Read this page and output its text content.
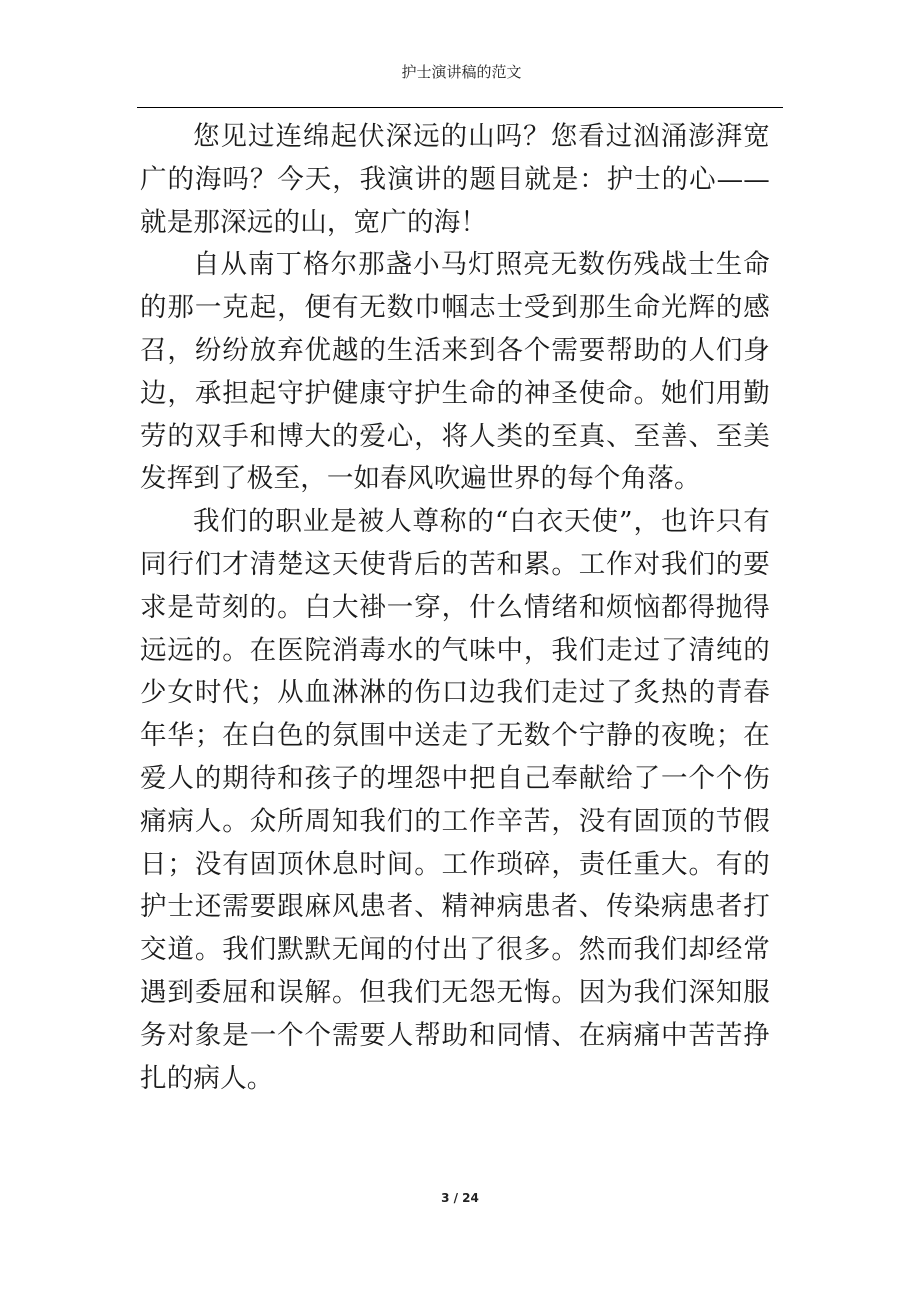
护士演讲稿的范文

您见过连绵起伏深远的山吗？您看过汹涌澎湃宽广的海吗？今天，我演讲的题目就是：护士的心——就是那深远的山，宽广的海！

自从南丁格尔那盏小马灯照亮无数伤残战士生命的那一克起，便有无数巾帼志士受到那生命光辉的感召，纷纷放弃优越的生活来到各个需要帮助的人们身边，承担起守护健康守护生命的神圣使命。她们用勤劳的双手和博大的爱心，将人类的至真、至善、至美发挥到了极至，一如春风吹遍世界的每个角落。

我们的职业是被人尊称的“白衣天使”，也许只有同行们才清楚这天使背后的苦和累。工作对我们的要求是苛刻的。白大褂一穿，什么情绪和烦恼都得抛得远远的。在医院消毒水的气味中，我们走过了清纯的少女时代；从血淋淋的伤口边我们走过了炙热的青春年华；在白色的氛围中送走了无数个宁静的夜晚；在爱人的期待和孩子的埋怨中把自己奉献给了一个个伤痛病人。众所周知我们的工作辛苦，没有固顶的节假日；没有固顶休息时间。工作琐碎，责任重大。有的护士还需要跟麻风患者、精神病患者、传染病患者打交道。我们默默无闻的付出了很多。然而我们却经常遇到委屈和误解。但我们无怨无悔。因为我们深知服务对象是一个个需要人帮助和同情、在病痛中苦苦挣扎的病人。

3 / 24
